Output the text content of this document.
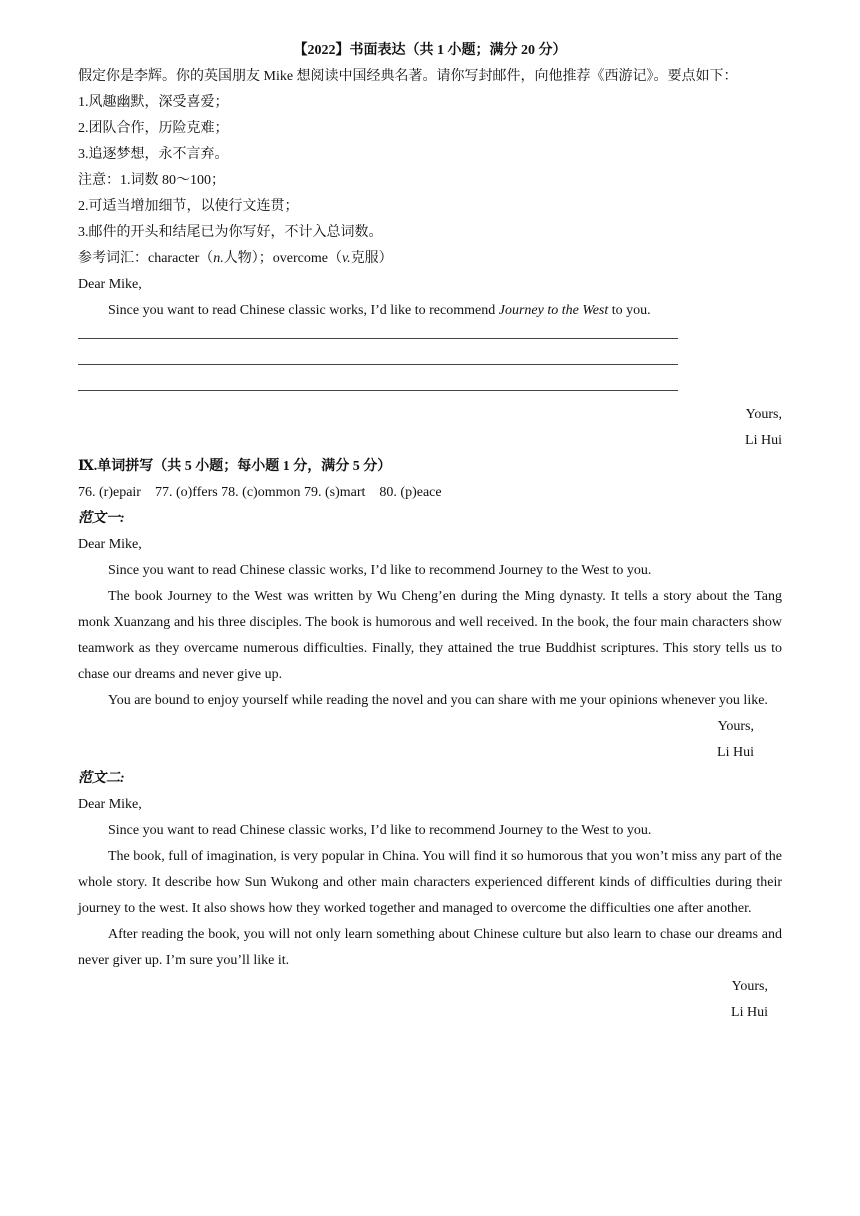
【2022】书面表达（共 1 小题；满分 20 分）
假定你是李辉。你的英国朋友 Mike 想阅读中国经典名著。请你写封邮件，向他推荐《西游记》。要点如下：
1.风趣幽默，深受喜爱；
2.团队合作，历险克难；
3.追逐梦想，永不言弃。
注意：1.词数 80～100；
2.可适当增加细节，以使行文连贯；
3.邮件的开头和结尾已为你写好，不计入总词数。
参考词汇：character（n.人物）；overcome（v.克服）
Dear Mike,
Since you want to read Chinese classic works, I’d like to recommend Journey to the West to you.
Yours,
Li Hui
Ⅸ.单词拼写（共 5 小题；每小题 1 分，满分 5 分）
76. (r)epair    77. (o)ffers 78. (c)ommon 79. (s)mart    80. (p)eace
范文一:
Dear Mike,
Since you want to read Chinese classic works, I’d like to recommend Journey to the West to you.
The book Journey to the West was written by Wu Cheng’en during the Ming dynasty. It tells a story about the Tang monk Xuanzang and his three disciples. The book is humorous and well received. In the book, the four main characters show teamwork as they overcame numerous difficulties. Finally, they attained the true Buddhist scriptures. This story tells us to chase our dreams and never give up.
You are bound to enjoy yourself while reading the novel and you can share with me your opinions whenever you like.
Yours,
Li Hui
范文二:
Dear Mike,
Since you want to read Chinese classic works, I’d like to recommend Journey to the West to you.
The book, full of imagination, is very popular in China. You will find it so humorous that you won’t miss any part of the whole story. It describe how Sun Wukong and other main characters experienced different kinds of difficulties during their journey to the west. It also shows how they worked together and managed to overcome the difficulties one after another.
After reading the book, you will not only learn something about Chinese culture but also learn to chase our dreams and never giver up. I’m sure you’ll like it.
Yours,
Li Hui
